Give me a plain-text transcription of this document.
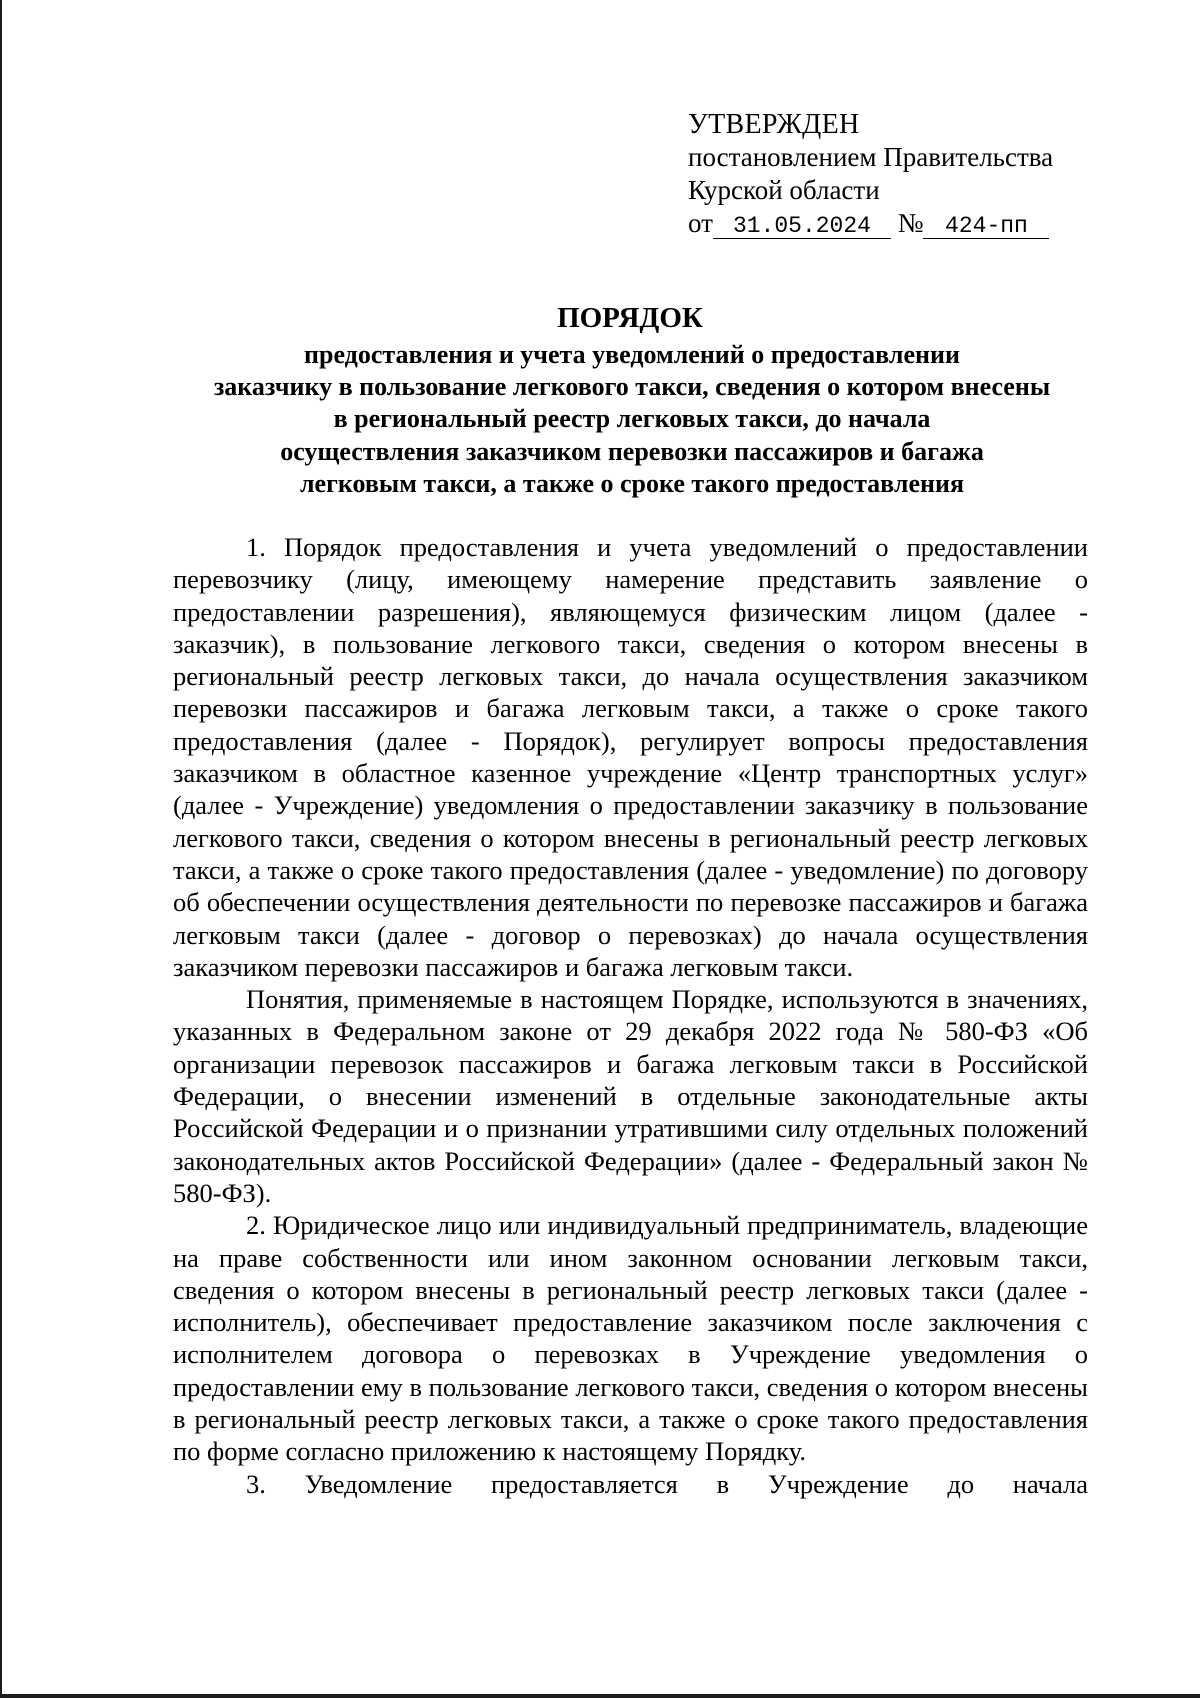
УТВЕРЖДЕН
постановлением Правительства
Курской области
от 31.05.2024 № 424-пп
ПОРЯДОК
предоставления и учета уведомлений о предоставлении
заказчику в пользование легкового такси, сведения о котором внесены
в региональный реестр легковых такси, до начала
осуществления заказчиком перевозки пассажиров и багажа
легковым такси, а также о сроке такого предоставления

1. Порядок предоставления и учета уведомлений о предоставлении перевозчику (лицу, имеющему намерение представить заявление о предоставлении разрешения), являющемуся физическим лицом (далее - заказчик), в пользование легкового такси, сведения о котором внесены в региональный реестр легковых такси, до начала осуществления заказчиком перевозки пассажиров и багажа легковым такси, а также о сроке такого предоставления (далее - Порядок), регулирует вопросы предоставления заказчиком в областное казенное учреждение «Центр транспортных услуг» (далее - Учреждение) уведомления о предоставлении заказчику в пользование легкового такси, сведения о котором внесены в региональный реестр легковых такси, а также о сроке такого предоставления (далее - уведомление) по договору об обеспечении осуществления деятельности по перевозке пассажиров и багажа легковым такси (далее - договор о перевозках) до начала осуществления заказчиком перевозки пассажиров и багажа легковым такси.

Понятия, применяемые в настоящем Порядке, используются в значениях, указанных в Федеральном законе от 29 декабря 2022 года № 580-ФЗ «Об организации перевозок пассажиров и багажа легковым такси в Российской Федерации, о внесении изменений в отдельные законодательные акты Российской Федерации и о признании утратившими силу отдельных положений законодательных актов Российской Федерации» (далее - Федеральный закон № 580-ФЗ).

2. Юридическое лицо или индивидуальный предприниматель, владеющие на праве собственности или ином законном основании легковым такси, сведения о котором внесены в региональный реестр легковых такси (далее - исполнитель), обеспечивает предоставление заказчиком после заключения с исполнителем договора о перевозках в Учреждение уведомления о предоставлении ему в пользование легкового такси, сведения о котором внесены в региональный реестр легковых такси, а также о сроке такого предоставления по форме согласно приложению к настоящему Порядку.

3. Уведомление предоставляется в Учреждение до начала
